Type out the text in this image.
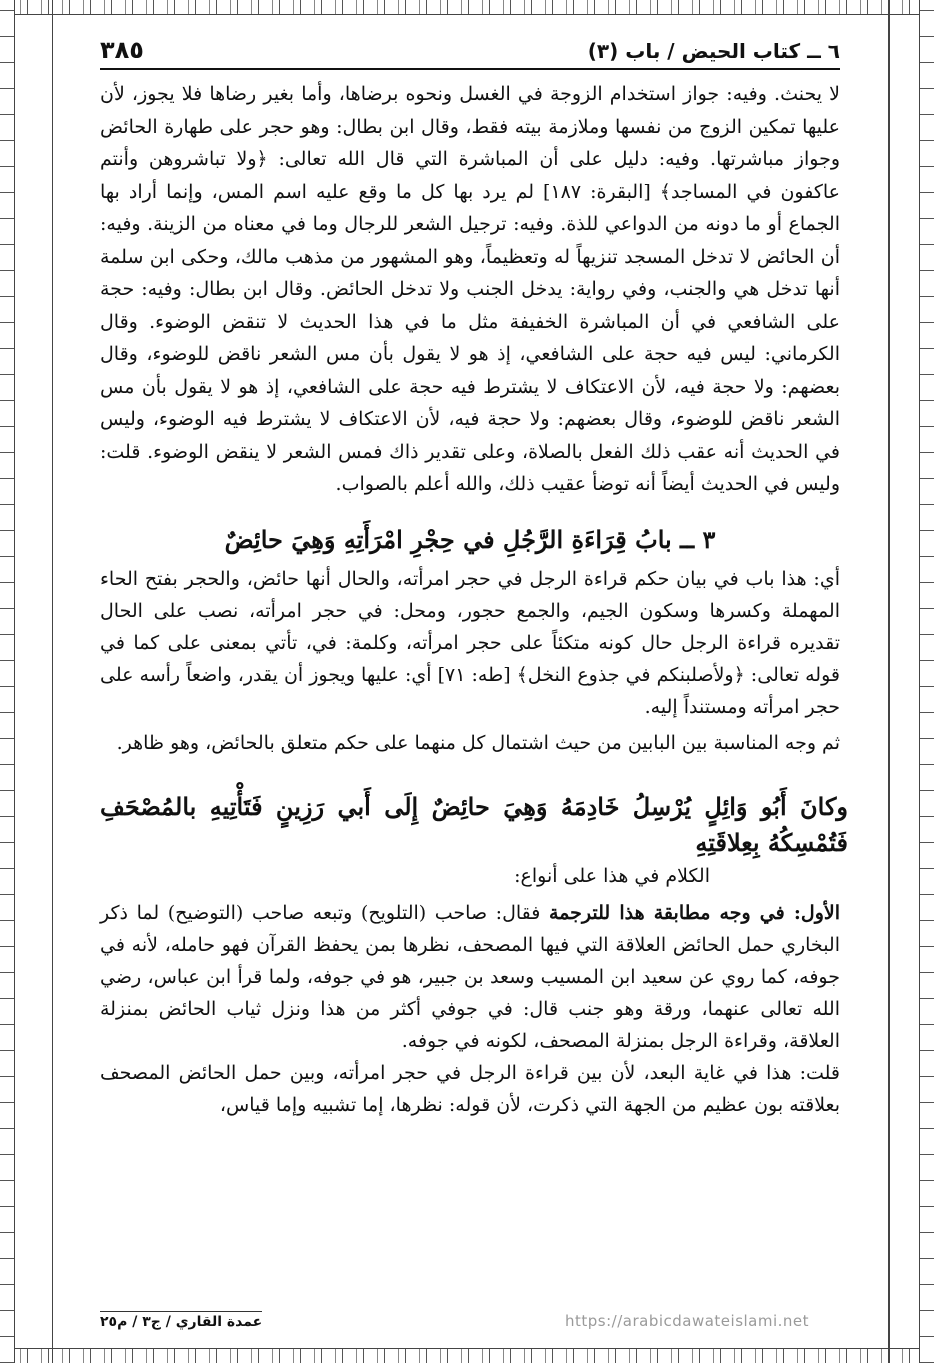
٦ ــ كتاب الحيض / باب (٣)
٣٨٥

لا يحنث. وفيه: جواز استخدام الزوجة في الغسل ونحوه برضاها، وأما بغير رضاها فلا يجوز، لأن عليها تمكين الزوج من نفسها وملازمة بيته فقط، وقال ابن بطال: وهو حجر على طهارة الحائض وجواز مباشرتها. وفيه: دليل على أن المباشرة التي قال الله تعالى: ﴿ولا تباشروهن وأنتم عاكفون في المساجد﴾ [البقرة: ١٨٧] لم يرد بها كل ما وقع عليه اسم المس، وإنما أراد بها الجماع أو ما دونه من الدواعي للذة. وفيه: ترجيل الشعر للرجال وما في معناه من الزينة. وفيه: أن الحائض لا تدخل المسجد تنزيهاً له وتعظيماً، وهو المشهور من مذهب مالك، وحكى ابن سلمة أنها تدخل هي والجنب، وفي رواية: يدخل الجنب ولا تدخل الحائض. وقال ابن بطال: وفيه: حجة على الشافعي في أن المباشرة الخفيفة مثل ما في هذا الحديث لا تنقض الوضوء. وقال الكرماني: ليس فيه حجة على الشافعي، إذ هو لا يقول بأن مس الشعر ناقض للوضوء، وقال بعضهم: ولا حجة فيه، لأن الاعتكاف لا يشترط فيه حجة على الشافعي، إذ هو لا يقول بأن مس الشعر ناقض للوضوء، وقال بعضهم: ولا حجة فيه، لأن الاعتكاف لا يشترط فيه الوضوء، وليس في الحديث أنه عقب ذلك الفعل بالصلاة، وعلى تقدير ذاك فمس الشعر لا ينقض الوضوء. قلت: وليس في الحديث أيضاً أنه توضأ عقيب ذلك، والله أعلم بالصواب.

٣ ــ بابُ قِرَاءَةِ الرَّجُلِ في حِجْرِ امْرَأَتِهِ وَهِيَ حائِضٌ

أي: هذا باب في بيان حكم قراءة الرجل في حجر امرأته، والحال أنها حائض، والحجر بفتح الحاء المهملة وكسرها وسكون الجيم، والجمع حجور، ومحل: في حجر امرأته، نصب على الحال تقديره قراءة الرجل حال كونه متكئاً على حجر امرأته، وكلمة: في، تأتي بمعنى على كما في قوله تعالى: ﴿ولأصلبنكم في جذوع النخل﴾ [طه: ٧١] أي: عليها ويجوز أن يقدر، واضعاً رأسه على حجر امرأته ومستنداً إليه.

ثم وجه المناسبة بين البابين من حيث اشتمال كل منهما على حكم متعلق بالحائض، وهو ظاهر.

وكانَ أَبُو وَائِلٍ يُرْسِلُ خَادِمَهُ وَهِيَ حائِضٌ إِلَى أَبي رَزِينٍ فَتَأْتِيهِ بالمُصْحَفِ فَتُمْسِكُهُ بِعِلاقَتِهِ
الكلام في هذا على أنواع:

الأول: في وجه مطابقة هذا للترجمة فقال: صاحب (التلويح) وتبعه صاحب (التوضيح) لما ذكر البخاري حمل الحائض العلاقة التي فيها المصحف، نظرها بمن يحفظ القرآن فهو حامله، لأنه في جوفه، كما روي عن سعيد ابن المسيب وسعد بن جبير، هو في جوفه، ولما قرأ ابن عباس، رضي الله تعالى عنهما، ورقة وهو جنب قال: في جوفي أكثر من هذا ونزل ثياب الحائض بمنزلة العلاقة، وقراءة الرجل بمنزلة المصحف، لكونه في جوفه.

قلت: هذا في غاية البعد، لأن بين قراءة الرجل في حجر امرأته، وبين حمل الحائض المصحف بعلاقته بون عظيم من الجهة التي ذكرت، لأن قوله: نظرها، إما تشبيه وإما قياس،

عمدة القاري / ج٣ / م٢٥	https://arabicdawateislami.net
